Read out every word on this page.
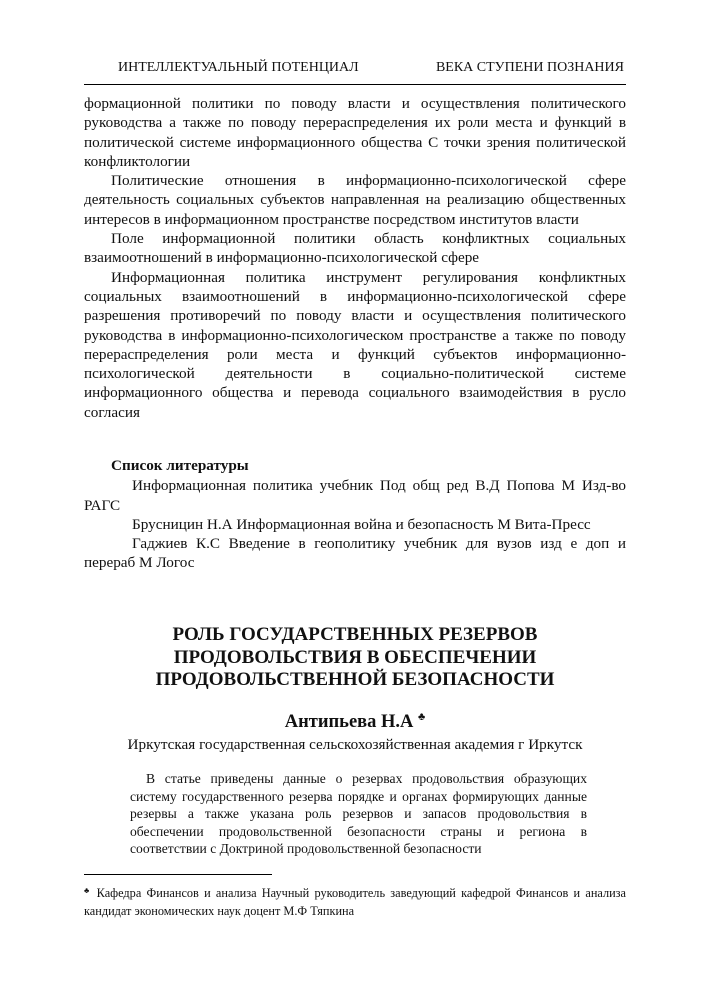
ИНТЕЛЛЕКТУАЛЬНЫЙ ПОТЕНЦИАЛ	ВЕКА СТУПЕНИ ПОЗНАНИЯ

формационной политики по поводу власти и осуществления политического руководства а также по поводу перераспределения их роли места и функций в политической системе информационного общества С точки зрения политической конфликтологии

Политические отношения в информационно-психологической сфере деятельность социальных субъектов направленная на реализацию общественных интересов в информационном пространстве посредством институтов власти

Поле информационной политики область конфликтных социальных взаимоотношений в информационно-психологической сфере

Информационная политика инструмент регулирования конфликтных социальных взаимоотношений в информационно-психологической сфере разрешения противоречий по поводу власти и осуществления политического руководства в информационно-психологическом пространстве а также по поводу перераспределения роли места и функций субъектов информационно-психологической деятельности в социально-политической системе информационного общества и перевода социального взаимодействия в русло согласия

Список литературы

Информационная политика учебник Под общ ред В.Д Попова М Изд-во РАГС

Брусницин Н.А Информационная война и безопасность М Вита-Пресс

Гаджиев К.С Введение в геополитику учебник для вузов изд е доп и перераб М Логос

РОЛЬ ГОСУДАРСТВЕННЫХ РЕЗЕРВОВ
ПРОДОВОЛЬСТВИЯ В ОБЕСПЕЧЕНИИ
ПРОДОВОЛЬСТВЕННОЙ БЕЗОПАСНОСТИ
Антипьева Н.А ♣
Иркутская государственная сельскохозяйственная академия г Иркутск

В статье приведены данные о резервах продовольствия образующих систему государственного резерва порядке и органах формирующих данные резервы а также указана роль резервов и запасов продовольствия в обеспечении продовольственной безопасности страны и региона в соответствии с Доктриной продовольственной безопасности

♣ Кафедра Финансов и анализа Научный руководитель заведующий кафедрой Финансов и анализа кандидат экономических наук доцент М.Ф Тяпкина
